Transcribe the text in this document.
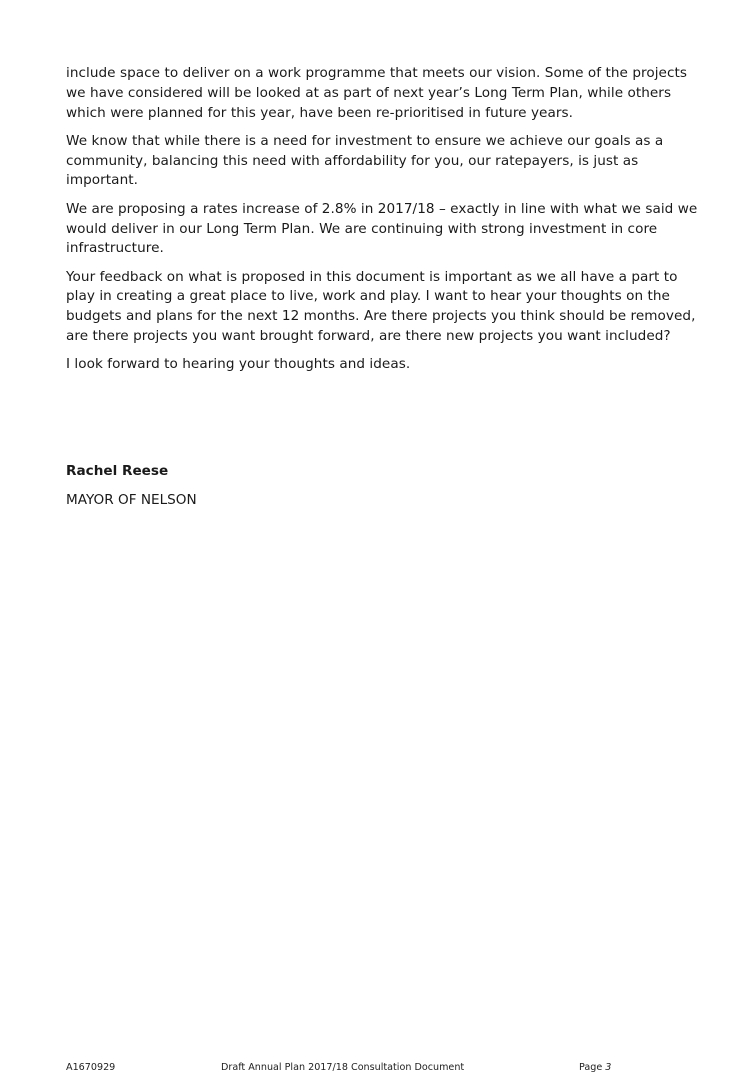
include space to deliver on a work programme that meets our vision. Some of the projects we have considered will be looked at as part of next year’s Long Term Plan, while others which were planned for this year, have been re-prioritised in future years.

We know that while there is a need for investment to ensure we achieve our goals as a community, balancing this need with affordability for you, our ratepayers, is just as important.

We are proposing a rates increase of 2.8% in 2017/18 – exactly in line with what we said we would deliver in our Long Term Plan. We are continuing with strong investment in core infrastructure.

Your feedback on what is proposed in this document is important as we all have a part to play in creating a great place to live, work and play. I want to hear your thoughts on the budgets and plans for the next 12 months. Are there projects you think should be removed, are there projects you want brought forward, are there new projects you want included?

I look forward to hearing your thoughts and ideas.

Rachel Reese

MAYOR OF NELSON

A1670929	Draft Annual Plan 2017/18 Consultation Document	Page 3
